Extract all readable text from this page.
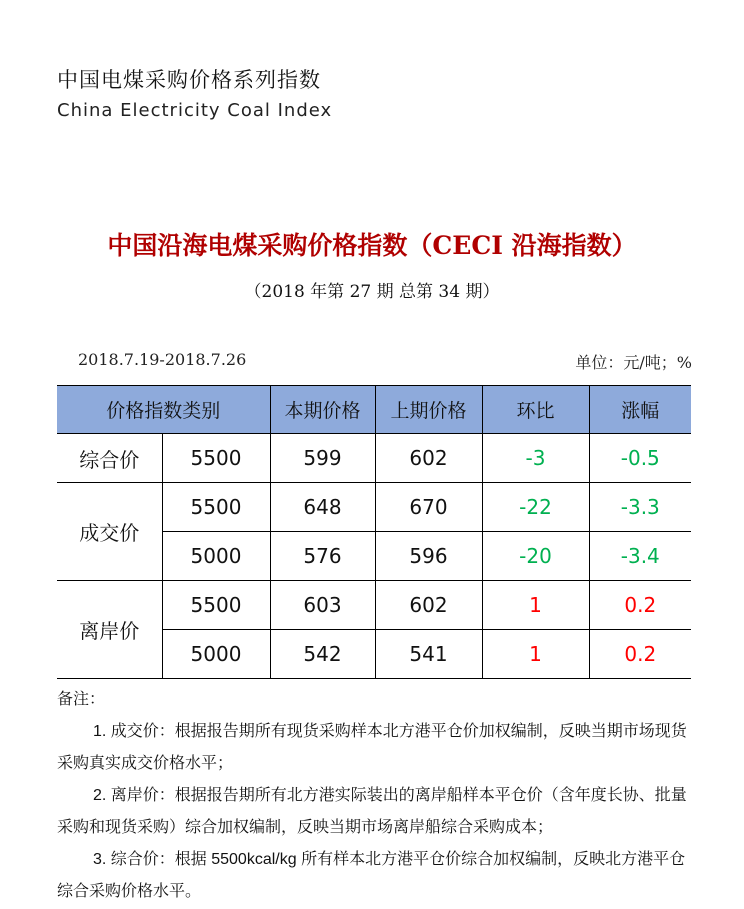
中国电煤采购价格系列指数
China Electricity Coal Index
中国沿海电煤采购价格指数（CECI 沿海指数）
（2018 年第 27 期 总第 34 期）
2018.7.19-2018.7.26	单位：元/吨；%
价格指数类别		本期价格	上期价格	环比	涨幅
综合价	5500	599	602	-3	-0.5
成交价	5500	648	670	-22	-3.3
	5000	576	596	-20	-3.4
离岸价	5500	603	602	1	0.2
	5000	542	541	1	0.2

备注：

1. 成交价：根据报告期所有现货采购样本北方港平仓价加权编制，反映当期市场现货采购真实成交价格水平；

2. 离岸价：根据报告期所有北方港实际装出的离岸船样本平仓价（含年度长协、批量采购和现货采购）综合加权编制，反映当期市场离岸船综合采购成本；

3. 综合价：根据 5500kcal/kg 所有样本北方港平仓价综合加权编制，反映北方港平仓综合采购价格水平。
